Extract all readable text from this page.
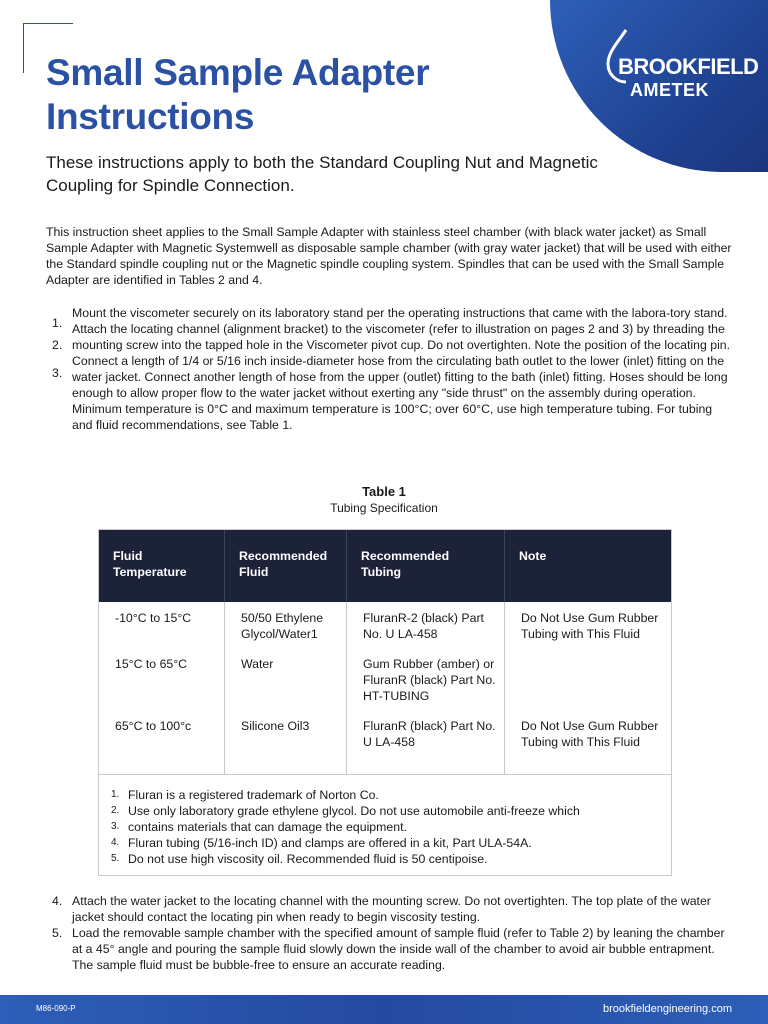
BROOKFIELD
AMETEK
Small Sample Adapter
Instructions

These instructions apply to both the Standard Coupling Nut and Magnetic Coupling for Spindle Connection.

This instruction sheet applies to the Small Sample Adapter with stainless steel chamber (with black water jacket) as Small Sample Adapter with Magnetic Systemwell as disposable sample chamber (with gray water jacket) that will be used with either the Standard spindle coupling nut or the Magnetic spindle coupling system. Spindles that can be used with the Small Sample Adapter are identified in Tables 2 and 4.

1.
Mount the viscometer securely on its laboratory stand per the operating instructions that came with the labora-tory stand.
2.
Attach the locating channel (alignment bracket) to the viscometer (refer to illustration on pages 2 and 3) by threading the mounting screw into the tapped hole in the Viscometer pivot cup. Do not overtighten. Note the position of the locating pin.
3.
Connect a length of 1/4 or 5/16 inch inside-diameter hose from the circulating bath outlet to the lower (inlet) fitting on the water jacket. Connect another length of hose from the upper (outlet) fitting to the bath (inlet) fitting. Hoses should be long enough to allow proper flow to the water jacket without exerting any "side thrust" on the assembly during operation. Minimum temperature is 0°C and maximum temperature is 100°C; over 60°C, use high temperature tubing. For tubing and fluid recommendations, see Table 1.
Table 1
Tubing Specification
Fluid Temperature
Recommended Fluid
Recommended Tubing
Note
-10°C to 15°C
15°C to 65°C
65°C to 100°c
50/50 Ethylene Glycol/Water1
Water
Silicone Oil3
FluranR-2 (black) Part No. U LA-458
Gum Rubber (amber) or FluranR (black) Part No. HT-TUBING
FluranR (black) Part No. U LA-458
Do Not Use Gum Rubber Tubing with This Fluid
Do Not Use Gum Rubber Tubing with This Fluid
1. Fluran is a registered trademark of Norton Co.
2. Use only laboratory grade ethylene glycol. Do not use automobile anti-freeze which
3. contains materials that can damage the equipment.
4. Fluran tubing (5/16-inch ID) and clamps are offered in a kit, Part ULA-54A.
5. Do not use high viscosity oil. Recommended fluid is 50 centipoise.
4. Attach the water jacket to the locating channel with the mounting screw. Do not overtighten. The top plate of the water jacket should contact the locating pin when ready to begin viscosity testing.
5. Load the removable sample chamber with the specified amount of sample fluid (refer to Table 2) by leaning the chamber at a 45° angle and pouring the sample fluid slowly down the inside wall of the chamber to avoid air bubble entrapment. The sample fluid must be bubble-free to ensure an accurate reading.
M86-090-P	brookfieldengineering.com
